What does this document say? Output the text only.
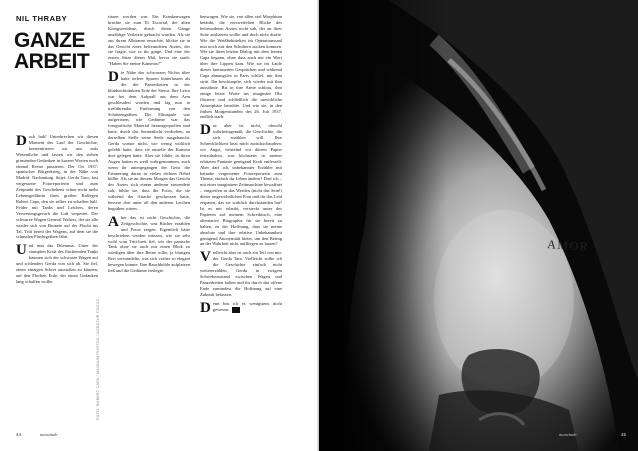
NIL THRABY
GANZE
ARBEIT

Doch halt! Unterbrechen wir diesen Moment des Lauf der Geschichte, konzentrieren wir uns aufs Wesentliche und lassen wir den sieben grinsenden Gedanken in kurzen Worten noch einmal Revue passieren. Der Ort 1937: spanischer Bürgerkrieg, in der Nähe von Madrid. Nachmittag. Sujet: Gerda Taro, fast vergessene Fotoreporterin und zum Zeitpunkt des Geschehens schon nicht mehr Lebensgefährtin ihres großen Kollegen Robert Capa, den sie selber zu schaffen half. Felder mit Tanks und Leichen, deren Verwesungsgeruch die Luft verpestet. Der schwarze Wagen General Walters, der sie alle wieder sich von Brunete auf der Flucht ins Tal. Tritt bereit des Wagens, auf dem sie die schmalen Fluchtgräben fährt.

Und nun das Dilemma. Unter der stumpfen Kraft des flüchtenden Tanks bäumen sich der schwarze Wagen auf und schleudert Gerda von sich ab. Sie fiel, einen einzigen Schrei ausstoßen zu können, auf den Flechen Erde, der einen Gedanken lang schaffen wollte.

rissen worden war. Ein Krankenwagen brachte sie zum El Escorial, der alten Königsresidenz, durch deren Gänge unzählige Verletzte gebracht wurden. Als sie aus ihrem Albtraum erwachte, blickte sie in das Gesicht eines befreundeten Arztes, der sie fragte, wie es ihr ginge. Und eine der ersten Sätze dieses Mal, bevor sie starb: "Haben Sie meine Kameras?"

Die Nähe des schwarzen Nichts über hatte tiefere Spuren hinterlassen als die der Panzerketten in der blutdurchtränkten Erde der Sierra. Ihre Leica war bei dem Aufprall aus dem Arm geschleudert worden und lag nun in irreführender Entfernung von den Schützengräben. Die Filmspule war aufgerissen, wie Gedärme war das fotografische Material herausgequollen und hatte, durch das Sonnenlicht verdorben, an derselben Stelle seine Seele ausgehaucht. Gerda wusste nicht, wie wenig wirklich gefehlt hatte, dass sie anstelle der Kamera dort gelegen hätte. Aber sie fühlte, in ihren Augen hatten es weiß wahrgenommen, auch wenn ihr untergegangen der Geist die Erinnerung daran in vielen dichten Nebel hüllte. Als sie an diesem Morgen das Gesicht des Arztes sich einem anderen zuwendete sah, fühlte sie, dass die Fotos, die sie während der Attacke geschossen hatte, bessere dort unter all den anderen Leichen begraben wären.

Aber das ist nicht Geschichte, die Zeitgeschichte, was Bücher erzählen und Fotos zeigen. Eigentlich hätte beschrieben werden müssen, wie sie sehr wohl vom Tritt-brett fiel, wie der panische Tank ohne sie auch nur einen Blick zu würdigen über ihre Beine rollte, ja blutigen Brei verwandelte, was sich vorher so elegant bewegen konnte. Ihre Bauchhöhle aufplatzen ließ und die Gedärme freilegte.

kenwagen. Wie sie, von allen viel Morphium betäubt, die verzweifelten Blicke des befreundeten Arztes nicht sah, der an ihrer Seite ausharren wollte und doch nicht durfte. Wie die Weißbekittelten im Operationssaal nun noch mit den Schultern zucken konnten. Wie sie ihren letzten Dialog mit dem fernen Capa begann, ohne dass auch nur ein Wort über ihre Lippen kam. Wie sie im Laufe dieses fantasierten Gesprächen und während Capa ahnungslos in Paris schlief, mit ihm stritt. Ihn beschimpfte, sich wieder mit ihm aussöhnte. Bis in ihre Arme schloss, ihm einige letzte Worte ins imaginäre Ohr flüsterte und schließlich die unwirkliche Atmosphäre betrübte. Und wie sie, in den frühen Morgenstunden des 26. Juli 1937, endlich starb.

Das aber ist nicht, obwohl wahrheitsgemäß, die Geschichte, die sich erzählen will. Ihre Schrecklichkeit lässt mich zurückschaudern: vor Angst, fröstelnd vor dürren Papier festzuhalten, was höchstens in meiner erhitzten Fantasie genügend Kraft entfesselt. Aber darf ich, unbekannter Erzähler mit beinahe vergessener Fotoreporterin zum Thema, einfach ihr Leben ändern? Darf ich – mit einer imaginären Zeitmaschine bewaffnet – eingreifen in das Werden (nicht das Sein!) dieser ungewöhnlichen Frau und ihr das Leid ersparen, das sie wirklich durchstanden hat? Ist es mir erlaubt, versteckt unter des Papieren auf meinem Schreibtisch, eine alternative Biographie für sie bereit zu halten, zu der Hoffnung, dass sie meine absolute und ihre relative Unbekanntheit genügend Anonymität bietet, um den Betrug an der Wahrheit nicht auffliegen zu lassen?

Vielleicht aber ist auch ein Teil von mir, der Gerda Taro. Vielleicht sollte ich die Geschichte einfach nicht weitererzählen, Gerda in ewigem Schwebezustand zwischen Wagen und Panzerketten halten und ihr durch das offene Ende zumindest die Hoffnung auf eine Zukunft belassen.

Denn bin ich es wenigstens nicht gewesen.

FOTO: ROBERT CAPA / MAGNUM PHOTOS / AGENTUR FOCUS
44	nunwinde
AMOR
nunwinde	45
